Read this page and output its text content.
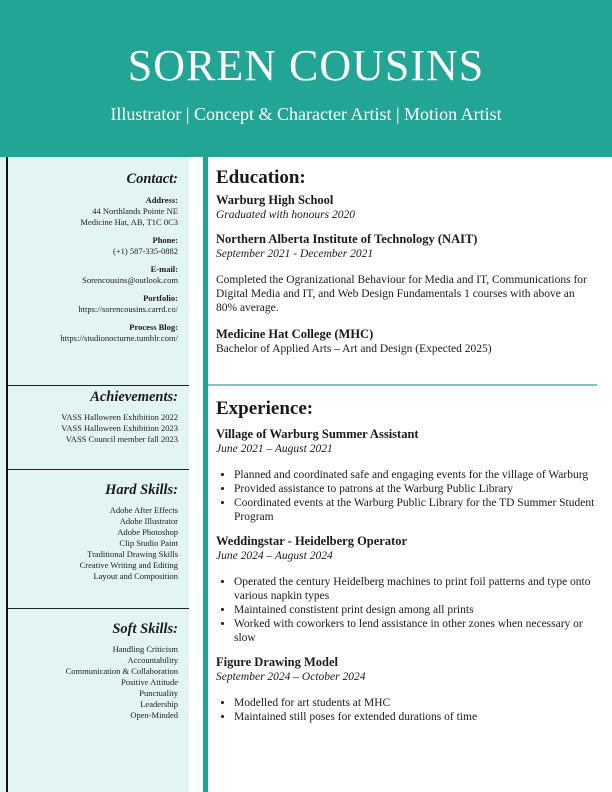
SOREN COUSINS
Illustrator | Concept & Character Artist | Motion Artist
Contact:
Address:
44 Northlands Pointe NE
Medicine Hat, AB, T1C 0C3
Phone:
(+1) 587-335-0882
E-mail:
Sorencousins@outlook.com
Portfolio:
https://sorencousins.carrd.co/
Process Blog:
https://studionocturne.tumblr.com/
Achievements:
VASS Halloween Exhibition 2022
VASS Halloween Exhibition 2023
VASS Council member fall 2023
Hard Skills:
Adobe After Effects
Adobe Illustrator
Adobe Photoshop
Clip Studio Paint
Traditional Drawing Skills
Creative Writing and Editing
Layout and Composition
Soft Skills:
Handling Criticism
Accountability
Communication & Collaboration
Positive Attitude
Punctuality
Leadership
Open-Minded
Education:
Warburg High School
Graduated with honours 2020
Northern Alberta Institute of Technology (NAIT)
September 2021 - December 2021
Completed the Ogranizational Behaviour for Media and IT, Communications for Digital Media and IT, and Web Design Fundamentals 1 courses with above an 80% average.
Medicine Hat College (MHC)
Bachelor of Applied Arts – Art and Design (Expected 2025)
Experience:
Village of Warburg Summer Assistant
June 2021 – August 2021
• Planned and coordinated safe and engaging events for the village of Warburg
• Provided assistance to patrons at the Warburg Public Library
• Coordinated events at the Warburg Public Library for the TD Summer Student Program
Weddingstar - Heidelberg Operator
June 2024 – August 2024
• Operated the century Heidelberg machines to print foil patterns and type onto various napkin types
• Maintained constistent print design among all prints
• Worked with coworkers to lend assistance in other zones when necessary or slow
Figure Drawing Model
September 2024 – October 2024
• Modelled for art students at MHC
• Maintained still poses for extended durations of time
